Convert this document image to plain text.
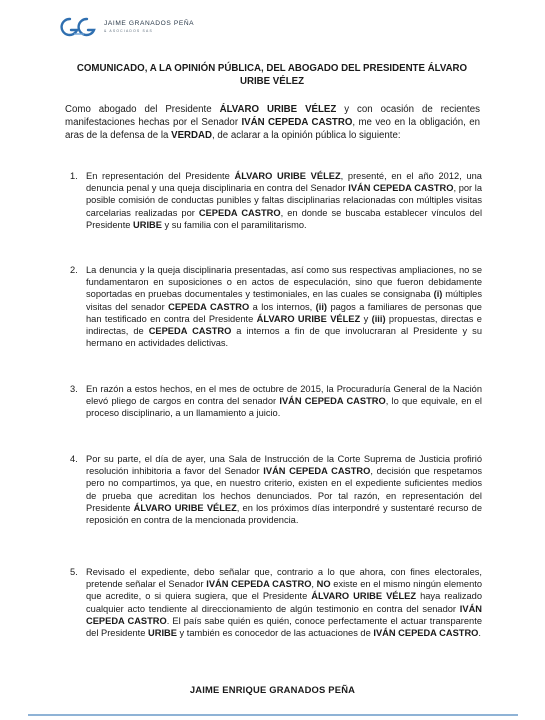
JAIME GRANADOS PEÑA
& ASOCIADOS SAS
COMUNICADO, A LA OPINIÓN PÚBLICA, DEL ABOGADO DEL PRESIDENTE ÁLVARO URIBE VÉLEZ

Como abogado del Presidente ÁLVARO URIBE VÉLEZ y con ocasión de recientes manifestaciones hechas por el Senador IVÁN CEPEDA CASTRO, me veo en la obligación, en aras de la defensa de la VERDAD, de aclarar a la opinión pública lo siguiente:

1. En representación del Presidente ÁLVARO URIBE VÉLEZ, presenté, en el año 2012, una denuncia penal y una queja disciplinaria en contra del Senador IVÁN CEPEDA CASTRO, por la posible comisión de conductas punibles y faltas disciplinarias relacionadas con múltiples visitas carcelarias realizadas por CEPEDA CASTRO, en donde se buscaba establecer vínculos del Presidente URIBE y su familia con el paramilitarismo.
2. La denuncia y la queja disciplinaria presentadas, así como sus respectivas ampliaciones, no se fundamentaron en suposiciones o en actos de especulación, sino que fueron debidamente soportadas en pruebas documentales y testimoniales, en las cuales se consignaba (i) múltiples visitas del senador CEPEDA CASTRO a los internos, (ii) pagos a familiares de personas que han testificado en contra del Presidente ÁLVARO URIBE VÉLEZ y (iii) propuestas, directas e indirectas, de CEPEDA CASTRO a internos a fin de que involucraran al Presidente y su hermano en actividades delictivas.
3. En razón a estos hechos, en el mes de octubre de 2015, la Procuraduría General de la Nación elevó pliego de cargos en contra del senador IVÁN CEPEDA CASTRO, lo que equivale, en el proceso disciplinario, a un llamamiento a juicio.
4. Por su parte, el día de ayer, una Sala de Instrucción de la Corte Suprema de Justicia profirió resolución inhibitoria a favor del Senador IVÁN CEPEDA CASTRO, decisión que respetamos pero no compartimos, ya que, en nuestro criterio, existen en el expediente suficientes medios de prueba que acreditan los hechos denunciados. Por tal razón, en representación del Presidente ÁLVARO URIBE VÉLEZ, en los próximos días interpondré y sustentaré recurso de reposición en contra de la mencionada providencia.
5. Revisado el expediente, debo señalar que, contrario a lo que ahora, con fines electorales, pretende señalar el Senador IVÁN CEPEDA CASTRO, NO existe en el mismo ningún elemento que acredite, o si quiera sugiera, que el Presidente ÁLVARO URIBE VÉLEZ haya realizado cualquier acto tendiente al direccionamiento de algún testimonio en contra del senador IVÁN CEPEDA CASTRO. El país sabe quién es quién, conoce perfectamente el actuar transparente del Presidente URIBE y también es conocedor de las actuaciones de IVÁN CEPEDA CASTRO.
JAIME ENRIQUE GRANADOS PEÑA
